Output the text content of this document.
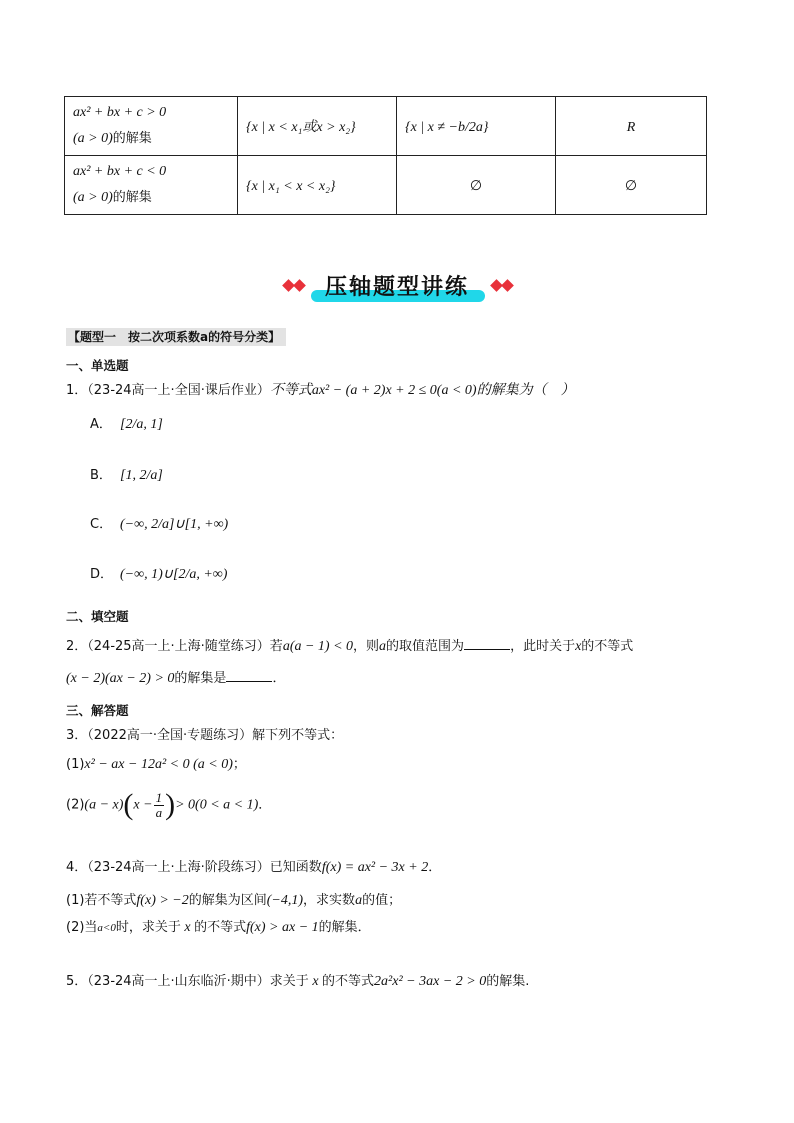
ax² + bx + c > 0
(a > 0)的解集	{x | x < x₁或x > x₂}	{x | x ≠ −b/2a}	R

ax² + bx + c < 0
(a > 0)的解集	{x | x₁ < x < x₂}	∅	∅
压轴题型讲练
【题型一　按二次项系数a的符号分类】
一、单选题
1．（23-24高一上·全国·课后作业）不等式ax² − (a + 2)x + 2 ≤ 0(a < 0)的解集为（　）
A． [2/a, 1]
B． [1, 2/a]
C． (−∞, 2/a]∪[1, +∞)
D． (−∞, 1)∪[2/a, +∞)
二、填空题
2．（24-25高一上·上海·随堂练习）若a(a − 1) < 0，则a的取值范围为	，此时关于x的不等式
(x − 2)(ax − 2) > 0的解集是	．
三、解答题
3．（2022高一·全国·专题练习）解下列不等式：
(1)x² − ax − 12a² < 0 (a < 0)；
$(2)(a - x)(x - \frac{1}{a}$ )> 0(0 < a < 1)．
4．（23-24高一上·上海·阶段练习）已知函数f(x) = ax² − 3x + 2．
(1)若不等式f(x) > −2的解集为区间(−4,1)，求实数a的值；
(2)当a<0时，求关于 x 的不等式f(x) > ax − 1的解集．
5．（23-24高一上·山东临沂·期中）求关于 x 的不等式2a²x² − 3ax − 2 > 0的解集.
